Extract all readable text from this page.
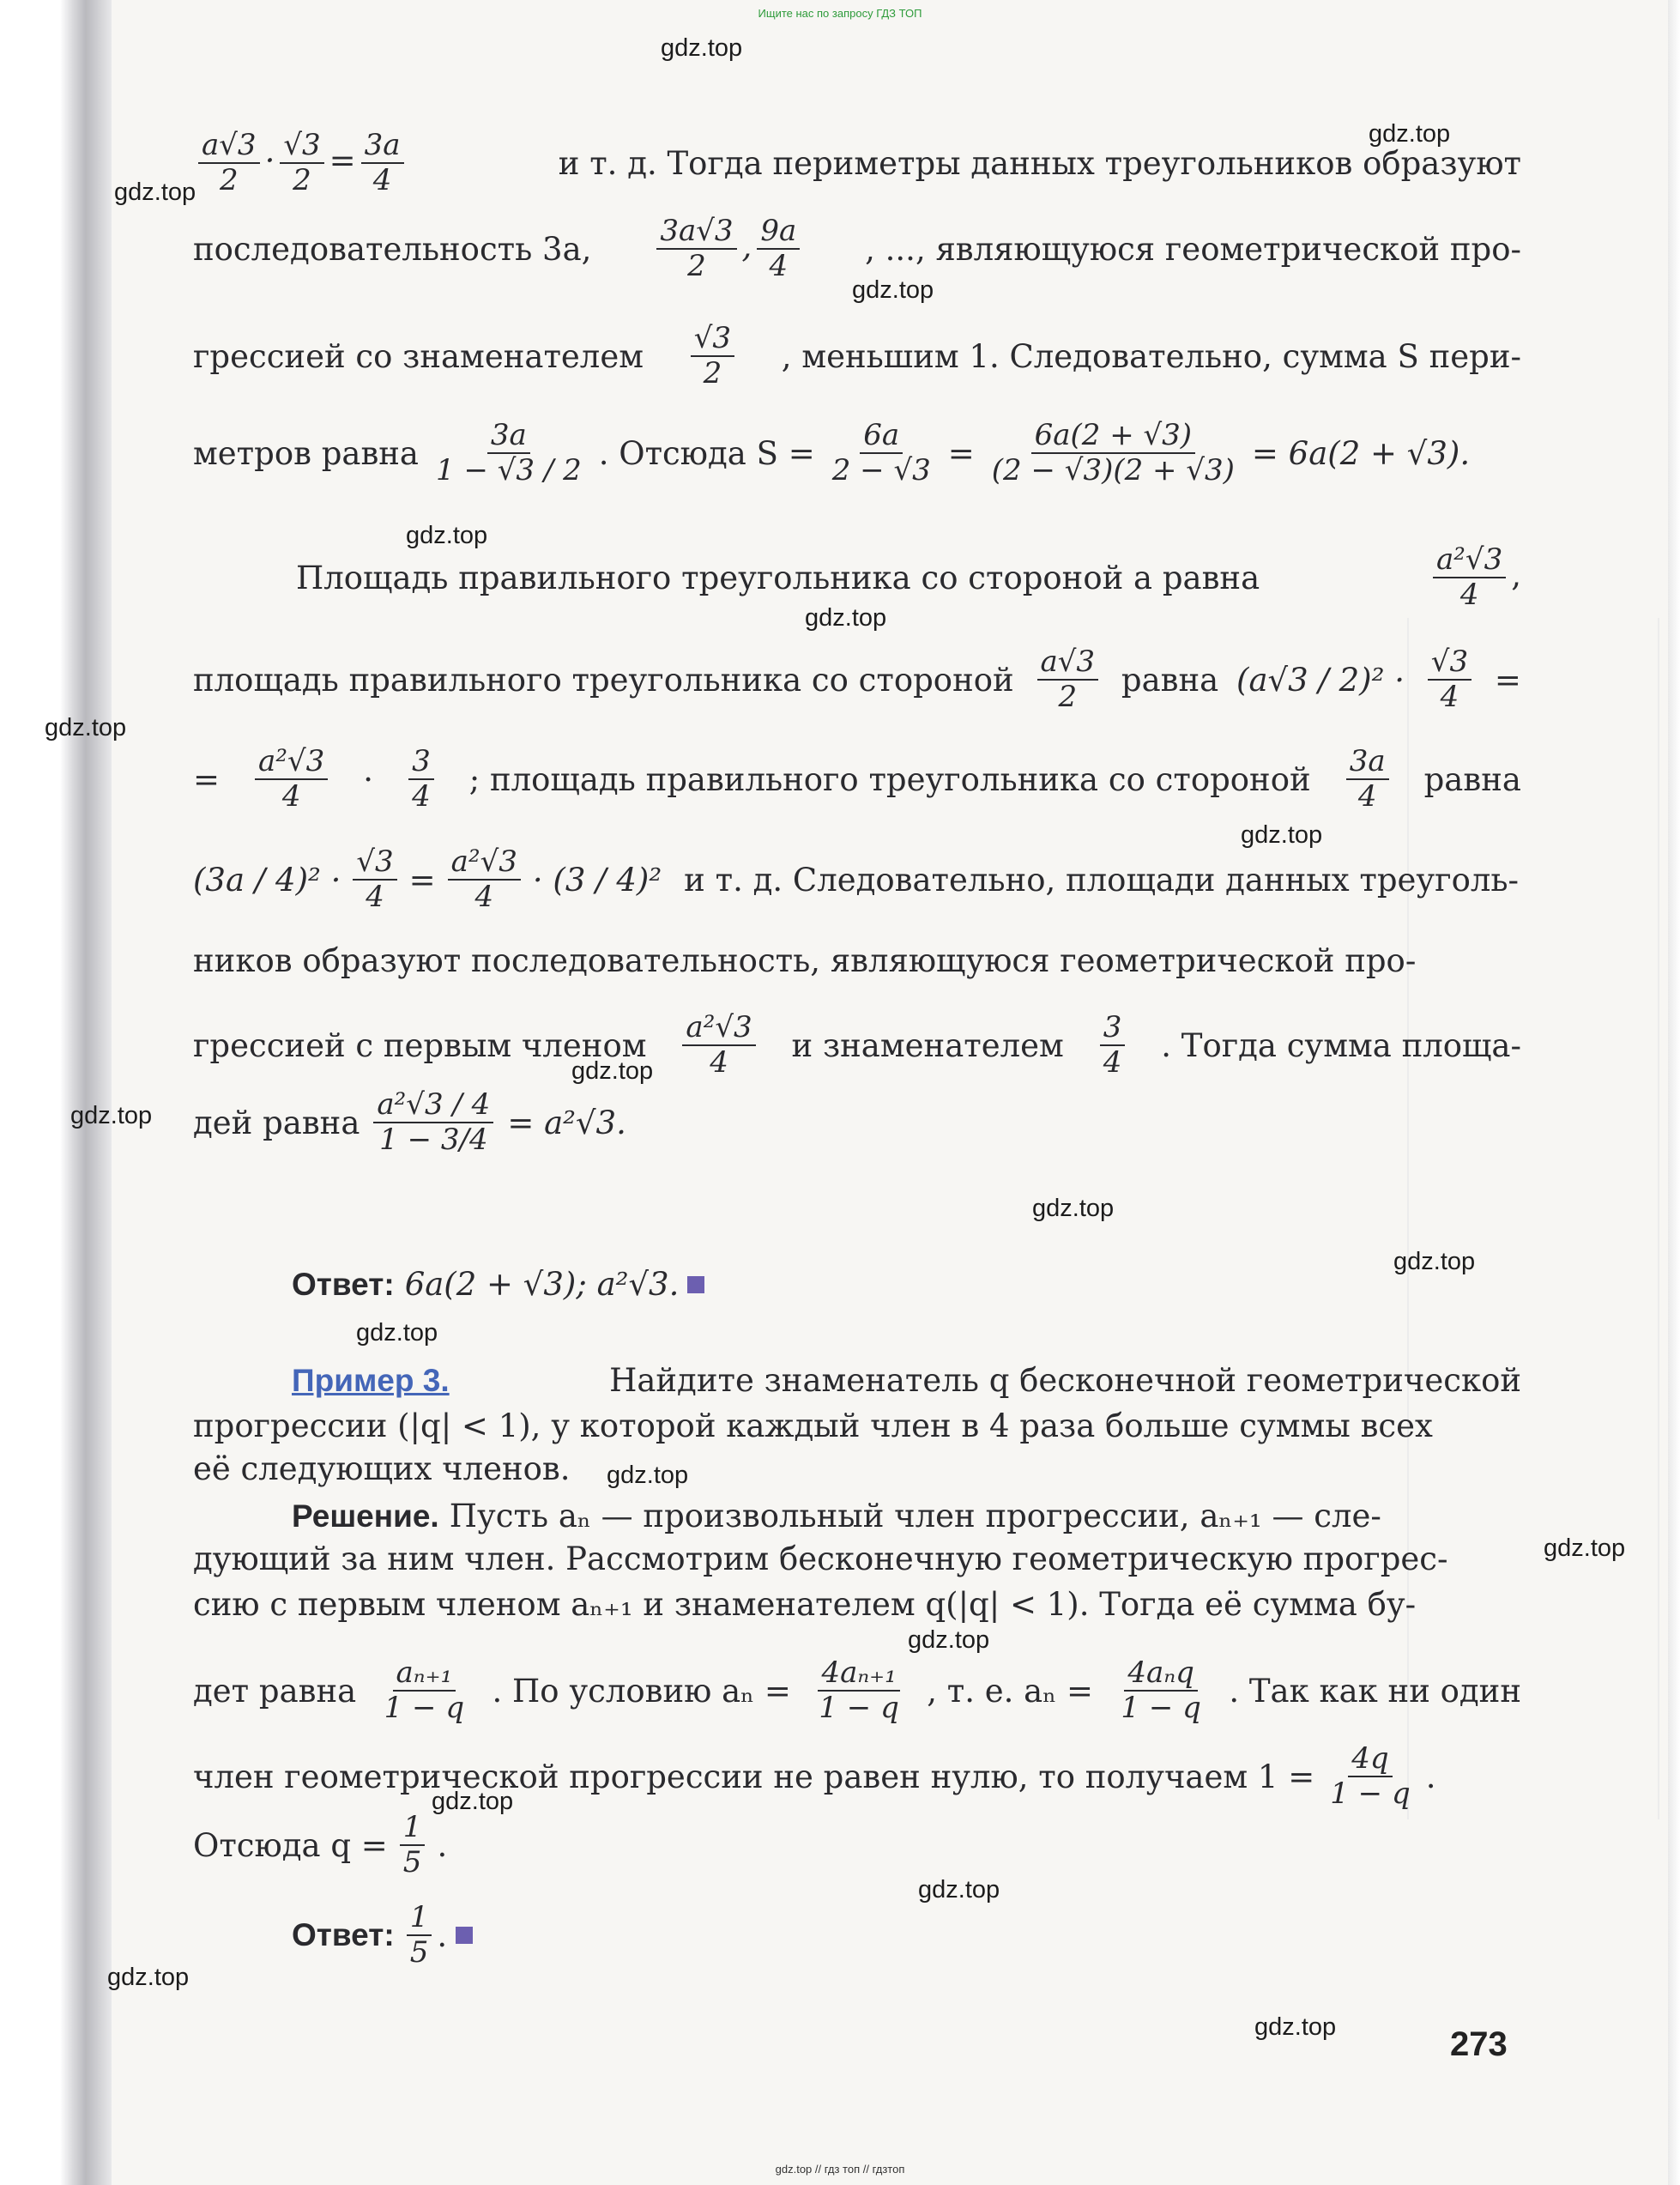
Ищите нас по запросу ГДЗ ТОП
gdz.top
gdz.top
gdz.top
gdz.top
gdz.top
gdz.top
gdz.top
gdz.top
gdz.top
gdz.top
gdz.top
gdz.top
gdz.top
gdz.top
gdz.top
gdz.top
gdz.top
gdz.top
gdz.top
gdz.top
$\frac{a√3}{2} \cdot \frac{√3}{2} = \frac{3a}{4}$	и т. д. Тогда периметры данных треугольников образуют
последовательность 3a, $\frac{3a√3}{2}$ , $\frac{9a}{4}$ , ..., являющуюся геометрической про-
грессией со знаменателем $\frac{√3}{2}$ , меньшим 1. Следовательно, сумма S пери-
метров равна $\frac{3a}{1 - √3 / 2}$ . Отсюда $S = \frac{6a}{2 - √3} = \frac{6a(2 + √3)}{(2 - √3)(2 + √3)} = 6a(2 + √3)$.
Площадь правильного треугольника со стороной a равна	$\frac{\text{a²√3}}{4}$ ,
площадь правильного треугольника со стороной $\frac{a√3}{2}$ равна $(a√3 / 2)^2 \cdot \frac{√3}{4}$ =
= $\frac{\text{a²√3}}{4} \cdot \frac{3}{4}$ ; площадь правильного треугольника со стороной $\frac{3a}{4}$ равна
$(3a / 4)^2 \cdot \frac{√3}{4} = \frac{\text{a²√3}}{4} \cdot (3 / 4)^2$ и т. д. Следовательно, площади данных треуголь-
ников образуют последовательность, являющуюся геометрической про-
грессией с первым членом $\frac{\text{a²√3}}{4}$ и знаменателем $\frac{3}{4}$ . Тогда сумма площа-
дей равна $\frac{\text{a²√3 / 4}}{1 - 3/4} = a^2√3$.
Ответ: 6a(2 + √3); a²√3.
Пример 3.	Найдите знаменатель q бесконечной геометрической
прогрессии (|q| < 1), у которой каждый член в 4 раза больше суммы всех
её следующих членов.
Решение. Пусть aₙ — произвольный член прогрессии, aₙ₊₁ — сле-
дующий за ним член. Рассмотрим бесконечную геометрическую прогрес-
сию с первым членом aₙ₊₁ и знаменателем q(|q| < 1). Тогда её сумма бу-
дет равна $\frac{\text{aₙ₊₁}}{1 - q}$ . По условию $a_n = \frac{\text{4aₙ₊₁}}{1 - q}$ , т. е. $a_n = \frac{\text{4aₙq}}{1 - q}$ . Так как ни один
член геометрической прогрессии не равен нулю, то получаем $1 = \frac{4q}{1 - q}$ .
Отсюда $q = \frac{1}{5}$ .
Ответ: $\frac{1}{5}$ .
273
gdz.top // гдз топ // гдзтоп
